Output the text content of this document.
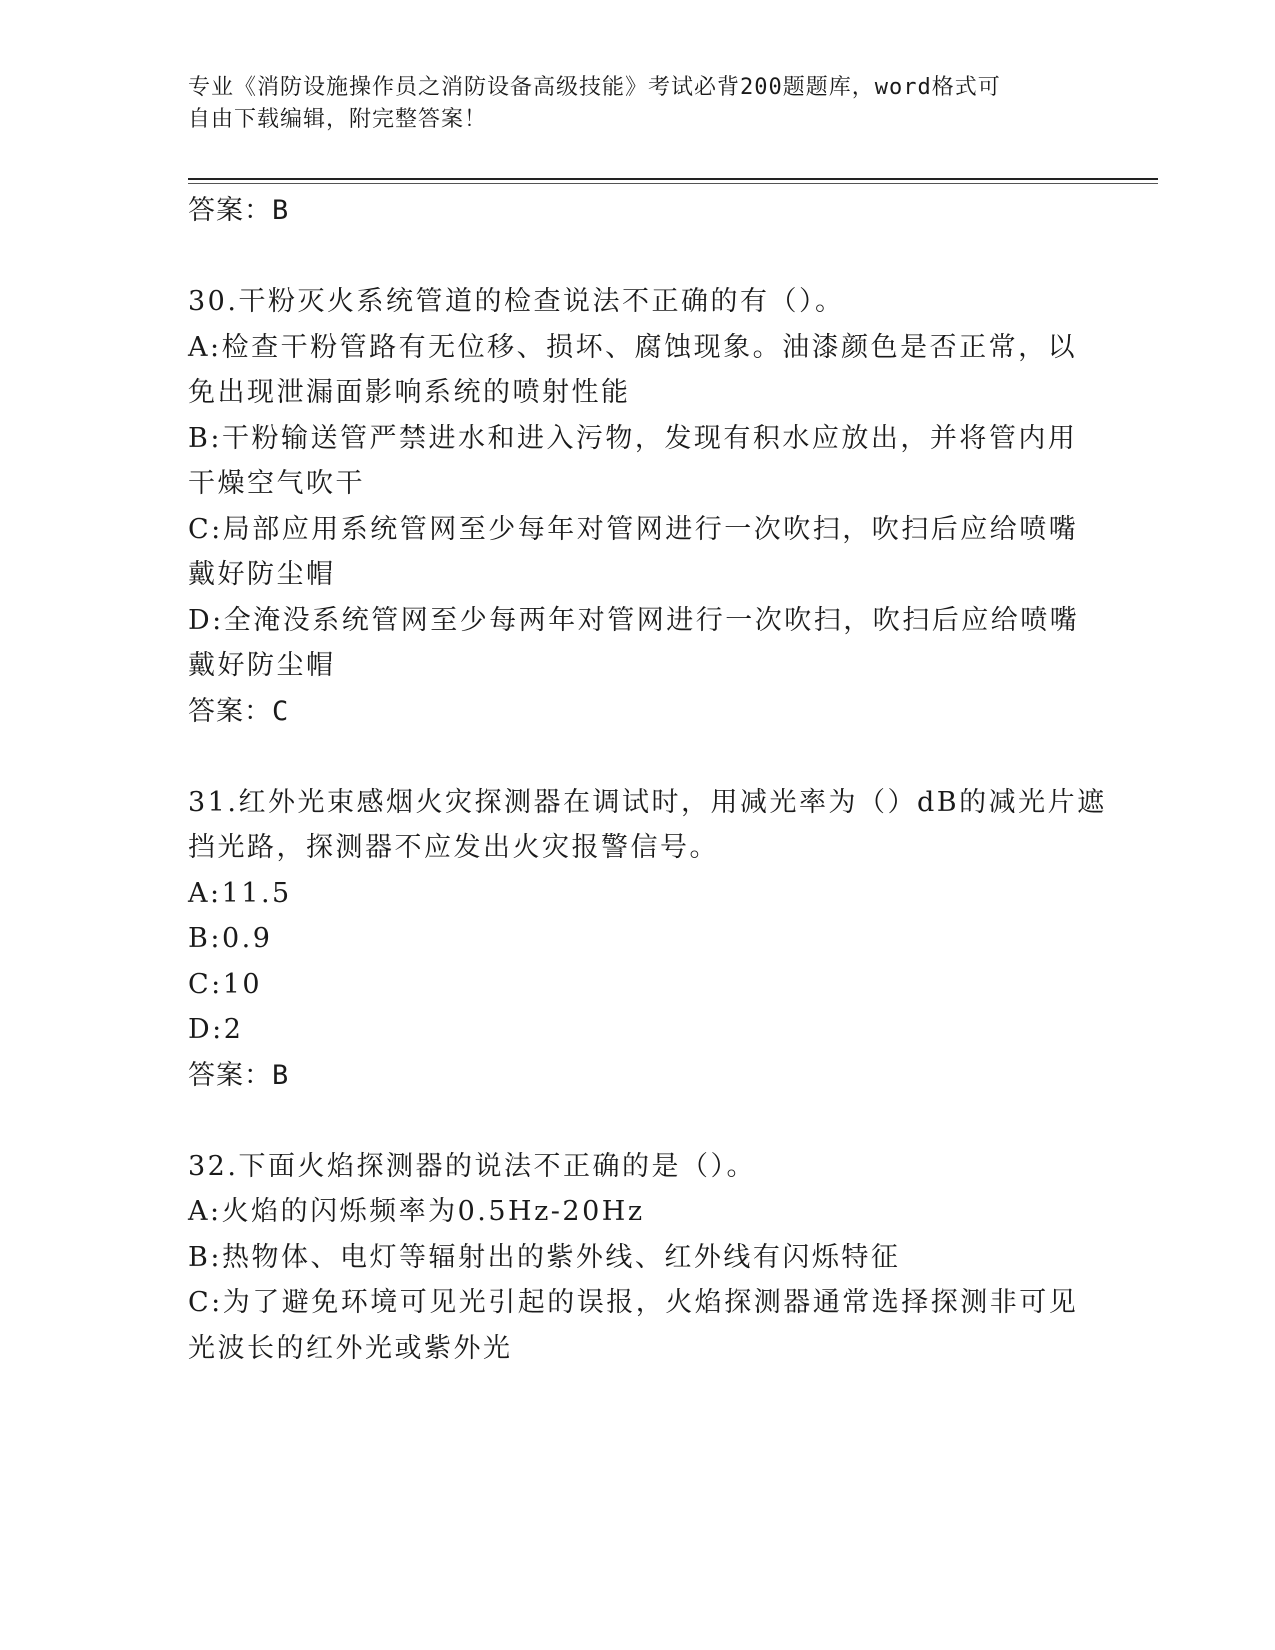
专业《消防设施操作员之消防设备高级技能》考试必背200题题库，word格式可
自由下载编辑，附完整答案！
答案：B
30.干粉灭火系统管道的检查说法不正确的有（）。
A:检查干粉管路有无位移、损坏、腐蚀现象。油漆颜色是否正常，以
免出现泄漏面影响系统的喷射性能
B:干粉输送管严禁进水和进入污物，发现有积水应放出，并将管内用
干燥空气吹干
C:局部应用系统管网至少每年对管网进行一次吹扫，吹扫后应给喷嘴
戴好防尘帽
D:全淹没系统管网至少每两年对管网进行一次吹扫，吹扫后应给喷嘴
戴好防尘帽
答案：C
31.红外光束感烟火灾探测器在调试时，用减光率为（）dB的减光片遮
挡光路，探测器不应发出火灾报警信号。
A:11.5
B:0.9
C:10
D:2
答案：B
32.下面火焰探测器的说法不正确的是（）。
A:火焰的闪烁频率为0.5Hz-20Hz
B:热物体、电灯等辐射出的紫外线、红外线有闪烁特征
C:为了避免环境可见光引起的误报，火焰探测器通常选择探测非可见
光波长的红外光或紫外光
